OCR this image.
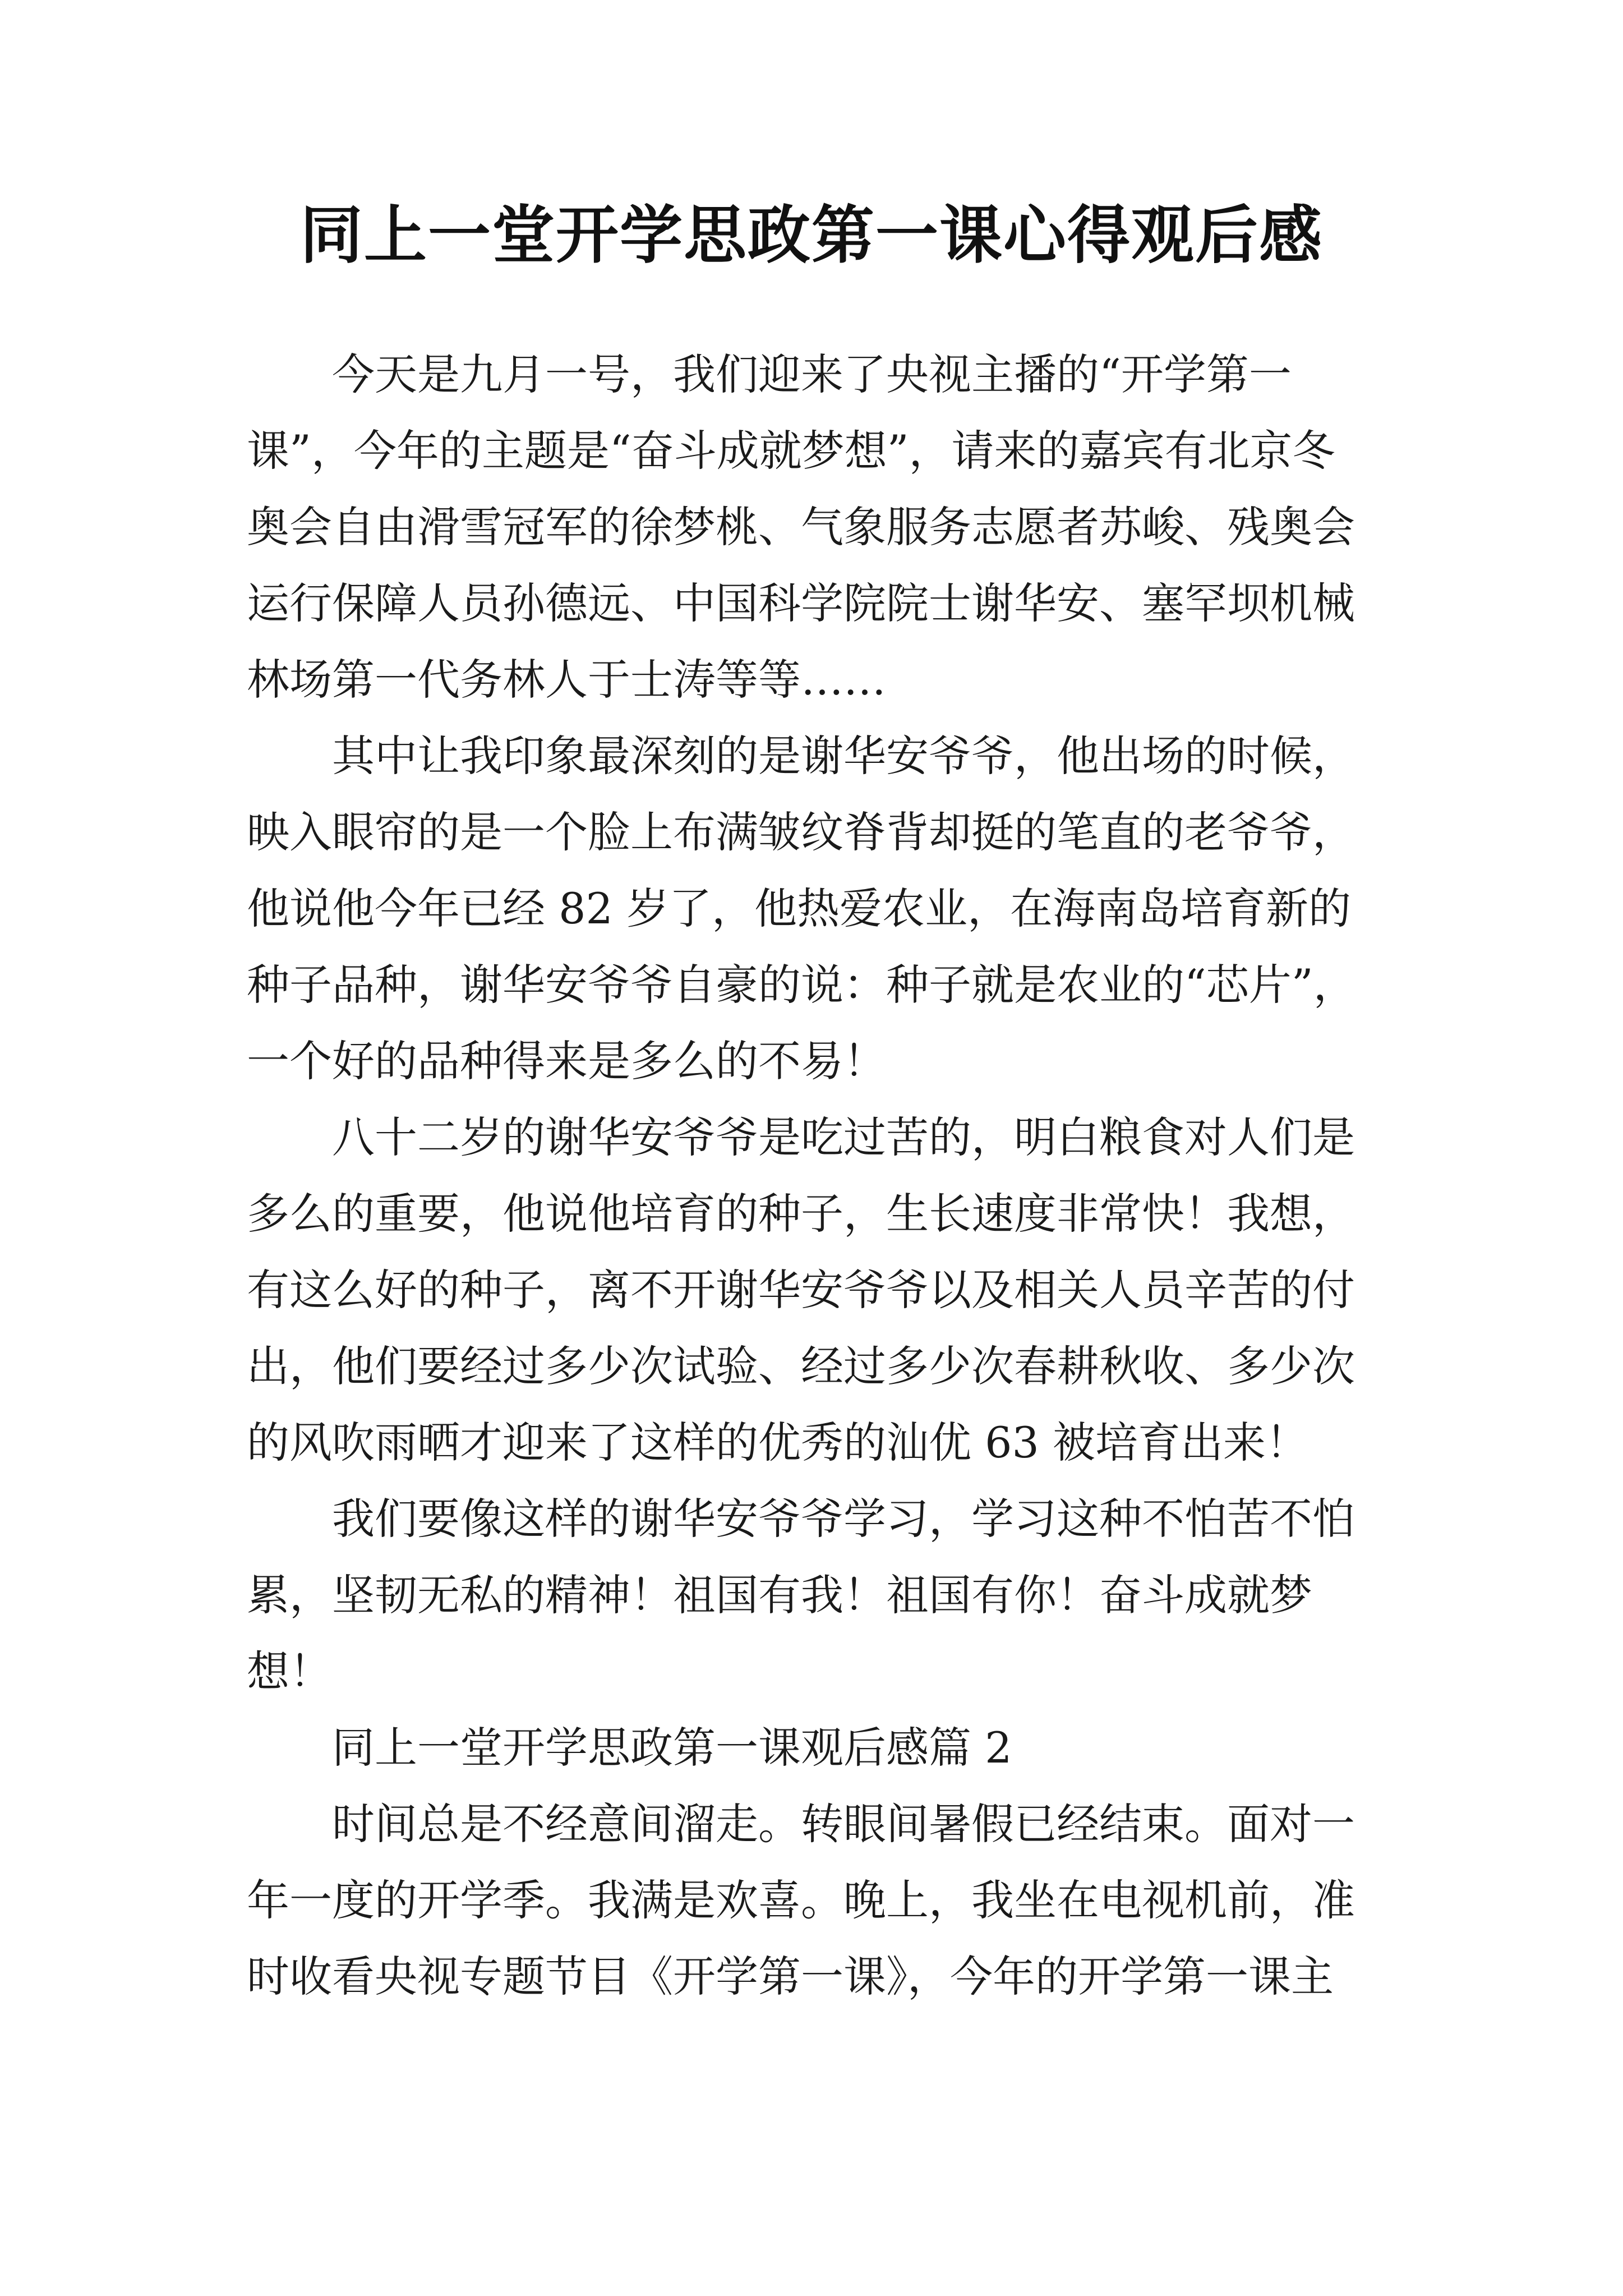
同上一堂开学思政第一课心得观后感
今天是九月一号，我们迎来了央视主播的“开学第一
课”，今年的主题是“奋斗成就梦想”，请来的嘉宾有北京冬
奥会自由滑雪冠军的徐梦桃、气象服务志愿者苏峻、残奥会
运行保障人员孙德远、中国科学院院士谢华安、塞罕坝机械
林场第一代务林人于士涛等等……
其中让我印象最深刻的是谢华安爷爷，他出场的时候，
映入眼帘的是一个脸上布满皱纹脊背却挺的笔直的老爷爷，
他说他今年已经 82 岁了，他热爱农业，在海南岛培育新的
种子品种，谢华安爷爷自豪的说：种子就是农业的“芯片”，
一个好的品种得来是多么的不易！
八十二岁的谢华安爷爷是吃过苦的，明白粮食对人们是
多么的重要，他说他培育的种子，生长速度非常快！我想，
有这么好的种子，离不开谢华安爷爷以及相关人员辛苦的付
出，他们要经过多少次试验、经过多少次春耕秋收、多少次
的风吹雨晒才迎来了这样的优秀的汕优 63 被培育出来！
我们要像这样的谢华安爷爷学习，学习这种不怕苦不怕
累，坚韧无私的精神！祖国有我！祖国有你！奋斗成就梦
想！
同上一堂开学思政第一课观后感篇 2
时间总是不经意间溜走。转眼间暑假已经结束。面对一
年一度的开学季。我满是欢喜。晚上，我坐在电视机前，准
时收看央视专题节目《开学第一课》，今年的开学第一课主
